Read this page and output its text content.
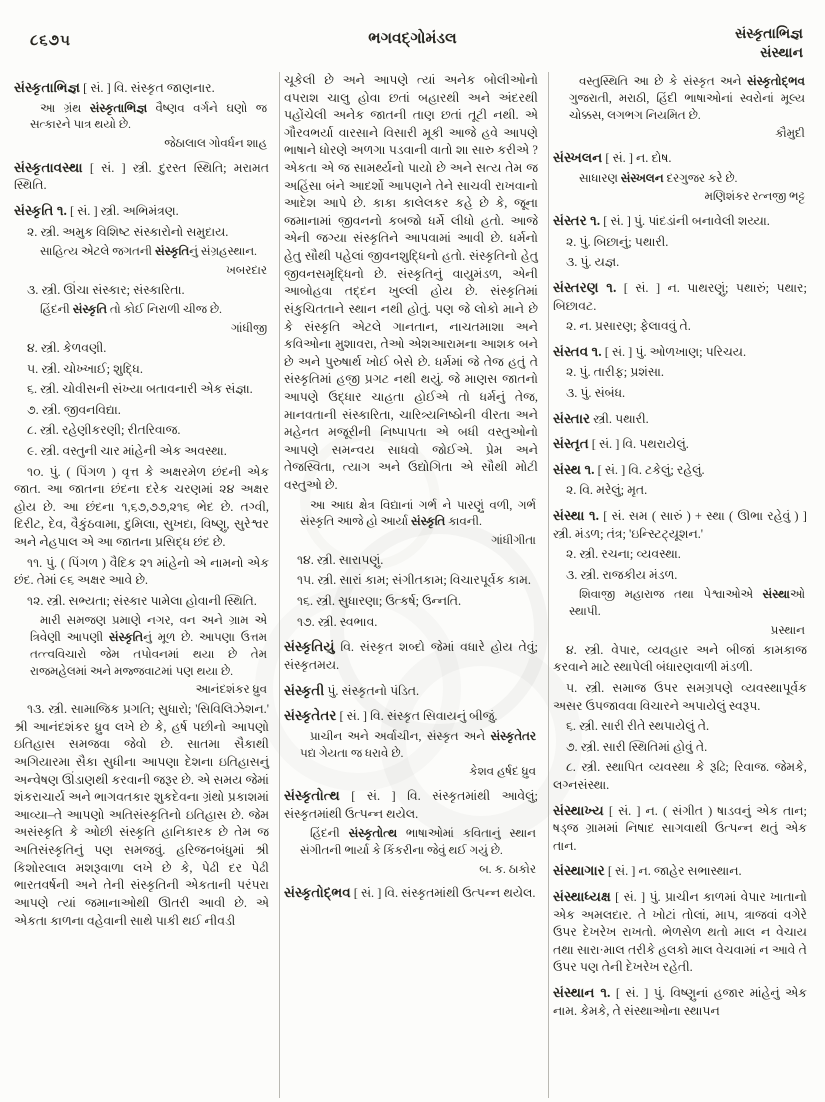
૮૬૭૫	ભગવદ્ગોમંડલ	સંસ્કૃતાભિજ્ઞ
સંસ્થાન
સંસ્કૃતાભિજ્ઞ [ સં. ] વિ. સંસ્કૃત જાણનાર.
આ ગ્રંથ સંસ્કૃતાભિજ્ઞ વૈષ્ણવ વર્ગને ઘણો જ સત્કારને પાત્ર થયો છે.
જેઠાલાલ ગોવર્ધન શાહ
સંસ્કૃતાવસ્થા [ સં. ] સ્ત્રી. દુરસ્ત સ્થિતિ; મરામત સ્થિતિ.
સંસ્કૃતિ ૧. [ સં. ] સ્ત્રી. અભિમંત્રણ.
૨. સ્ત્રી. અમુક વિશિષ્ટ સંસ્કારોનો સમુદાય.
સાહિત્ય એટલે જગતની સંસ્કૃતિનું સંગ્રહસ્થાન.
ખબરદાર
૩. સ્ત્રી. ઊંચા સંસ્કાર; સંસ્કારિતા.
હિંદની સંસ્કૃતિ તો કોઈ નિરાળી ચીજ છે.
ગાંધીજી
૪. સ્ત્રી. કેળવણી.
૫. સ્ત્રી. ચોખ્ખાઈ; શુદ્ધિ.
૬. સ્ત્રી. ચોવીસની સંખ્યા બતાવનારી એક સંજ્ઞા.
૭. સ્ત્રી. જીવનવિદ્યા.
૮. સ્ત્રી. રહેણીકરણી; રીતરિવાજ.
૯. સ્ત્રી. વસ્તુની ચાર માંહેની એક અવસ્થા.
૧૦. પું. ( પિંગળ ) વૃત્ત કે અક્ષરમેળ છંદની એક જાત. આ જાતના છંદના દરેક ચરણમાં ૨૪ અક્ષર હોય છે. આ છંદના ૧,૬૭,૭૭,૨૧૬ ભેદ છે. તગ્વી, દિરીટ, દેવ, વૈકુંઠવામા, દુમિલા, સુખદા, વિષ્ણુ, સુરેશ્વર અને નેહપાલ એ આ જાતના પ્રસિદ્ધ છંદ છે.
૧૧. પું. ( પિંગળ ) વૈદિક ૨૧ માંહેનો એ નામનો એક છંદ. તેમાં ૯૬ અક્ષર આવે છે.
૧૨. સ્ત્રી. સભ્યતા; સંસ્કાર પામેલા હોવાની સ્થિતિ.
મારી સમજણ પ્રમાણે નગર, વન અને ગ્રામ એ ત્રિવેણી આપણી સંસ્કૃતિનું મૂળ છે. આપણા ઉત્તમ તત્ત્વવિચારો જેમ તપોવનમાં થયા છે તેમ રાજમહેલમાં અને મજ્જવાટમાં પણ થયા છે.
આનંદશંકર ધ્રુવ
૧૩. સ્ત્રી. સામાજિક પ્રગતિ; સુધારો; 'સિવિલિઝેશન.' શ્રી આનંદશંકર ધ્રુવ લખે છે કે, હર્ષ પછીનો આપણો ઇતિહાસ સમજવા જેવો છે. સાતમા સૈકાથી અગિયારમા સૈકા સુધીના આપણા દેશના ઇતિહાસનું અન્વેષણ ઊંડાણથી કરવાની જરૂર છે. એ સમય જેમાં શંકરાચાર્ય અને ભાગવતકાર શુકદેવના ગ્રંથો પ્રકાશમાં આવ્યા–તે આપણો અતિસંસ્કૃતિનો ઇતિહાસ છે. જેમ અસંસ્કૃતિ કે ઓછી સંસ્કૃતિ હાનિકારક છે તેમ જ અતિસંસ્કૃતિનું પણ સમજવું. હરિજનબંધુમાં શ્રી કિશોરલાલ મશરૂવાળા લખે છે કે, પેઢી દર પેઢી ભારતવર્ષની અને તેની સંસ્કૃતિની એકતાની પરંપરા આપણે ત્યાં જમાનાઓથી ઊતરી આવી છે. એ એકતા કાળના વહેવાની સાથે પાકી થઈ નીવડી
ચૂકેલી છે અને આપણે ત્યાં અનેક બોલીઓનો વપરાશ ચાલુ હોવા છતાં બહારથી અને અંદરથી પહોંચેલી અનેક જાતની તાણ છતાં તૂટી નથી. એ ગૌરવભર્યા વારસાને વિસારી મૂકી આજે હવે આપણે ભાષાને ધોરણે અળગા પડવાની વાતો શા સારુ કરીએ ? એકતા એ જ સામર્થ્યનો પાયો છે અને સત્ય તેમ જ અહિંસા બંને આદર્શો આપણને તેને સાચવી રાખવાનો આદેશ આપે છે. કાકા કાલેલકર કહે છે કે, જૂના જમાનામાં જીવનનો કબજો ધર્મે લીધો હતો. આજે એની જગ્યા સંસ્કૃતિને આપવામાં આવી છે. ધર્મનો હેતુ સૌથી પહેલાં જીવનશુદ્ધિનો હતો. સંસ્કૃતિનો હેતુ જીવનસમૃદ્ધિનો છે. સંસ્કૃતિનું વાયુમંડળ, એની આબોહવા તદ્દન ખુલ્લી હોય છે. સંસ્કૃતિમાં સંકુચિતતાને સ્થાન નથી હોતું. પણ જે લોકો માને છે કે સંસ્કૃતિ એટલે ગાનતાન, નાચતમાશા અને કવિઓના મુશાવરા, તેઓ એશઆરામના આશક બને છે અને પુરુષાર્થ ખોઈ બેસે છે. ધર્મમાં જે તેજ હતું તે સંસ્કૃતિમાં હજી પ્રગટ નથી થયું. જે માણસ જાતનો આપણે ઉદ્ધાર ચાહતા હોઈએ તો ધર્મનું તેજ, માનવતાની સંસ્કારિતા, ચારિત્ર્યનિષ્ઠોની વીરતા અને મહેનત મજૂરીની નિષ્પાપતા એ બધી વસ્તુઓનો આપણે સમન્વય સાધવો જોઈએ. પ્રેમ અને તેજસ્વિતા, ત્યાગ અને ઉદ્યોગિતા એ સૌથી મોટી વસ્તુઓ છે.
આ આઘ ક્ષેત્ર વિદ્યાનાં ગર્ભ ને પારણું વળી, ગર્ભ સંસ્કૃતિ આજે હો આર્યા સંસ્કૃતિ કાવની.
ગાંધીગીતા
૧૪. સ્ત્રી. સારાપણું.
૧૫. સ્ત્રી. સારાં કામ; સંગીતકામ; વિચારપૂર્વક કામ.
૧૬. સ્ત્રી. સુધારણા; ઉત્કર્ષ; ઉન્નતિ.
૧૭. સ્ત્રી. સ્વભાવ.
સંસ્કૃતિયું વિ. સંસ્કૃત શબ્દો જેમાં વધારે હોય તેવું; સંસ્કૃતમય.
સંસ્કૃતી પું. સંસ્કૃતનો પંડિત.
સંસ્કૃતેતર [ સં. ] વિ. સંસ્કૃત સિવાયનું બીજું.
પ્રાચીન અને અર્વાચીન, સંસ્કૃત અને સંસ્કૃતેતર પદ્ય ગેયતા જ ધરાવે છે.
કેશવ હર્ષદ ધ્રુવ
સંસ્કૃતોત્થ [ સં. ] વિ. સંસ્કૃતમાંથી આવેલું; સંસ્કૃતમાંથી ઉત્પન્ન થયેલ.
હિંદની સંસ્કૃતોત્થ ભાષાઓમાં કવિતાનું સ્થાન સંગીતની ભાર્યા કે કિંકરીના જેવું થઈ ગયું છે.
બ. ક. ઠાકોર
સંસ્કૃતોદ્ભવ [ સં. ] વિ. સંસ્કૃતમાંથી ઉત્પન્ન થયેલ.
વસ્તુસ્થિતિ આ છે કે સંસ્કૃત અને સંસ્કૃતોદ્ભવ ગુજરાતી, મરાઠી, હિંદી ભાષાઓનાં સ્વરોનાં મૂલ્ય ચોક્કસ, લગભગ નિયમિત છે.
કૌમુદી
સંસ્ખલન [ સં. ] ન. દોષ.
સાધારણ સંસ્ખલન દરગુજર કરે છે.
મણિશંકર રત્નજી ભટ્ટ
સંસ્તર ૧. [ સં. ] પું. પાંદડાંની બનાવેલી શય્યા.
૨. પું. બિછાનું; પથારી.
૩. પું. યજ્ઞ.
સંસ્તરણ ૧. [ સં. ] ન. પાથરણું; પથારું; પથાર; બિછાવટ.
૨. ન. પ્રસારણ; ફેલાવવું તે.
સંસ્તવ ૧. [ સં. ] પું. ઓળખાણ; પરિચય.
૨. પું. તારીફ; પ્રશંસા.
૩. પું. સંબંધ.
સંસ્તાર સ્ત્રી. પથારી.
સંસ્તૃત [ સં. ] વિ. પથરાયેલું.
સંસ્થ ૧. [ સં. ] વિ. ટકેલું; રહેલું.
૨. વિ. મરેલું; મૃત.
સંસ્થા ૧. [ સં. સમ ( સારું ) + સ્થા ( ઊભા રહેવું ) ] સ્ત્રી. મંડળ; તંત્ર; 'ઇન્સ્ટિટ્યૂશન.'
૨. સ્ત્રી. રચના; વ્યવસ્થા.
૩. સ્ત્રી. રાજકીય મંડળ.
શિવાજી મહારાજ તથા પેશ્વાઓએ સંસ્થાઓ સ્થાપી.
પ્રસ્થાન
૪. સ્ત્રી. વેપાર, વ્યવહાર અને બીજાં કામકાજ કરવાને માટે સ્થાપેલી બંધારણવાળી મંડળી.
૫. સ્ત્રી. સમાજ ઉપર સમગ્રપણે વ્યવસ્થાપૂર્વક અસર ઉપજાવવા વિચારને અપાયેલું સ્વરૂપ.
૬. સ્ત્રી. સારી રીતે સ્થપાયેલું તે.
૭. સ્ત્રી. સારી સ્થિતિમાં હોવું તે.
૮. સ્ત્રી. સ્થાપિત વ્યવસ્થા કે રૂઢિ; રિવાજ. જેમકે, લગ્નસંસ્થા.
સંસ્થાખ્ય [ સં. ] ન. ( સંગીત ) ષાડવનું એક તાન; ષડ્જ ગ્રામમાં નિષાદ સાગવાથી ઉત્પન્ન થતું એક તાન.
સંસ્થાગાર [ સં. ] ન. જાહેર સભાસ્થાન.
સંસ્થાધ્યક્ષ [ સં. ] પું. પ્રાચીન કાળમાં વેપાર ખાતાનો એક અમલદાર. તે ખોટાં તોલાં, માપ, ત્રાજવાં વગેરે ઉપર દેખરેખ રાખતો. ભેળસેળ થતો માલ ન વેચાય તથા સારા·માલ તરીકે હલકો માલ વેચવામાં ન આવે તે ઉપર પણ તેની દેખરેખ રહેતી.
સંસ્થાન ૧. [ સં. ] પું. વિષ્ણુનાં હજાર માંહેનું એક નામ. કેમકે, તે સંસ્થાઓના સ્થાપન
